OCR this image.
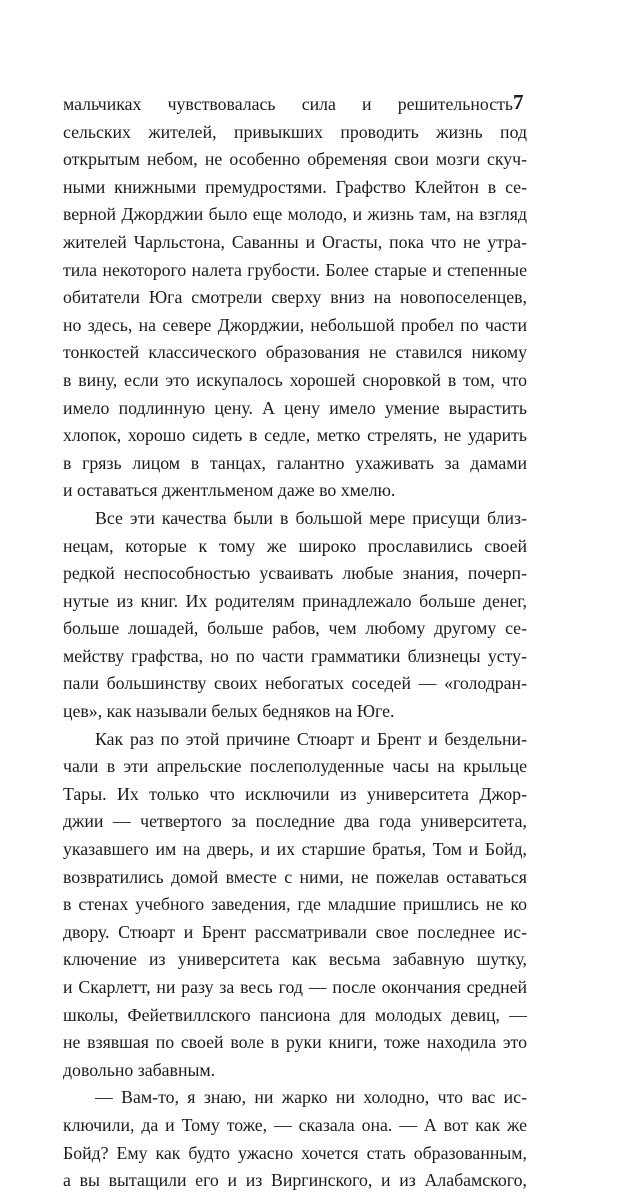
7
мальчиках чувствовалась сила и решительность
сельских жителей, привыкших проводить жизнь под
открытым небом, не особенно обременяя свои мозги скуч-
ными книжными премудростями. Графство Клейтон в се-
верной Джорджии было еще молодо, и жизнь там, на взгляд
жителей Чарльстона, Саванны и Огасты, пока что не утра-
тила некоторого налета грубости. Более старые и степенные
обитатели Юга смотрели сверху вниз на новопоселенцев,
но здесь, на севере Джорджии, небольшой пробел по части
тонкостей классического образования не ставился никому
в вину, если это искупалось хорошей сноровкой в том, что
имело подлинную цену. А цену имело умение вырастить
хлопок, хорошо сидеть в седле, метко стрелять, не ударить
в грязь лицом в танцах, галантно ухаживать за дамами
и оставаться джентльменом даже во хмелю.
Все эти качества были в большой мере присущи близ-
нецам, которые к тому же широко прославились своей
редкой неспособностью усваивать любые знания, почерп-
нутые из книг. Их родителям принадлежало больше денег,
больше лошадей, больше рабов, чем любому другому се-
мейству графства, но по части грамматики близнецы усту-
пали большинству своих небогатых соседей — «голодран-
цев», как называли белых бедняков на Юге.
Как раз по этой причине Стюарт и Брент и бездельни-
чали в эти апрельские послеполуденные часы на крыльце
Тары. Их только что исключили из университета Джор-
джии — четвертого за последние два года университета,
указавшего им на дверь, и их старшие братья, Том и Бойд,
возвратились домой вместе с ними, не пожелав оставаться
в стенах учебного заведения, где младшие пришлись не ко
двору. Стюарт и Брент рассматривали свое последнее ис-
ключение из университета как весьма забавную шутку,
и Скарлетт, ни разу за весь год — после окончания средней
школы, Фейетвиллского пансиона для молодых девиц, —
не взявшая по своей воле в руки книги, тоже находила это
довольно забавным.
— Вам-то, я знаю, ни жарко ни холодно, что вас ис-
ключили, да и Тому тоже, — сказала она. — А вот как же
Бойд? Ему как будто ужасно хочется стать образованным,
а вы вытащили его и из Виргинского, и из Алабамского,
